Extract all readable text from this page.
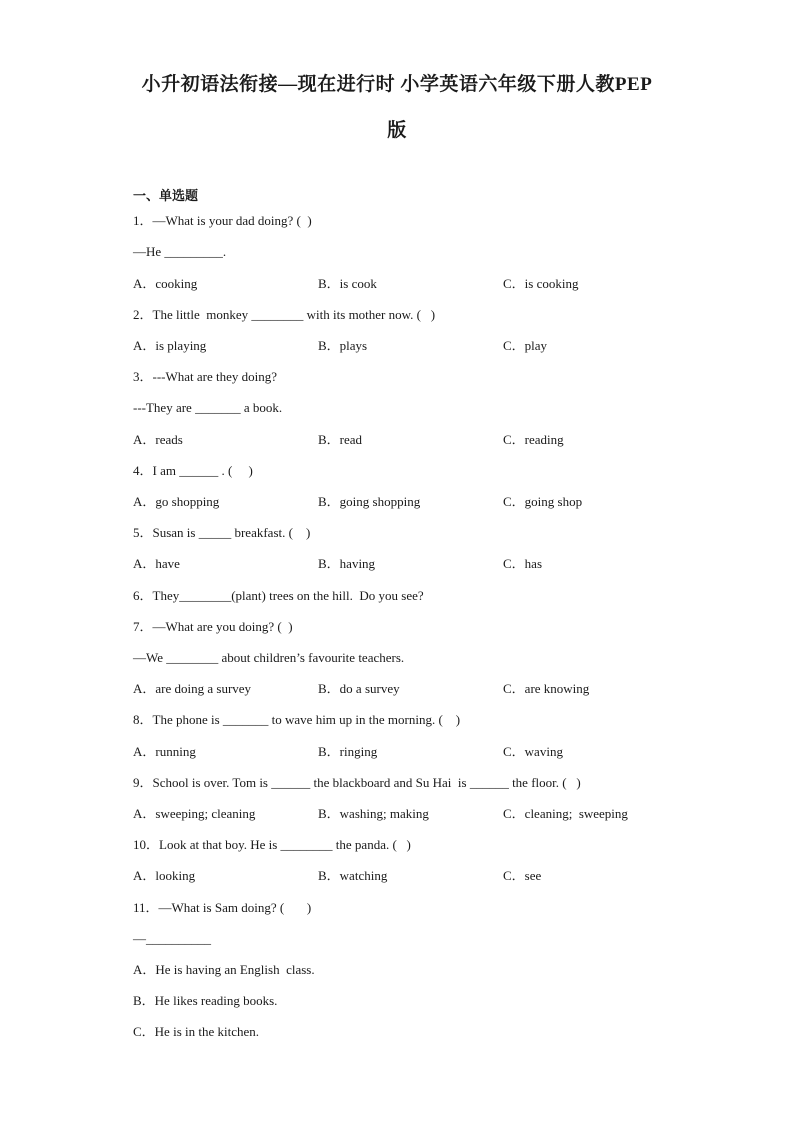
小升初语法衔接—现在进行时 小学英语六年级下册人教PEP
版
一、单选题
1．—What is your dad doing? (  )
—He _________.
A．cooking	B．is cook	C．is cooking
2．The little  monkey ________ with its mother now. (   )
A．is playing	B．plays	C．play
3．---What are they doing?
---They are _______ a book.
A．reads	B．read	C．reading
4．I am ______ . (     )
A．go shopping	B．going shopping	C．going shop
5．Susan is _____ breakfast. (    )
A．have	B．having	C．has
6．They________(plant) trees on the hill.  Do you see?
7．—What are you doing? (  )
—We ________ about children’s favourite teachers.
A．are doing a survey	B．do a survey	C．are knowing
8．The phone is _______ to wave him up in the morning. (    )
A．running	B．ringing	C．waving
9．School is over. Tom is ______ the blackboard and Su Hai  is ______ the floor. (   )
A．sweeping; cleaning	B．washing; making	C．cleaning;  sweeping
10．Look at that boy. He is ________ the panda. (   )
A．looking	B．watching	C．see
11．—What is Sam doing? (       )
—__________
A．He is having an English  class.
B．He likes reading books.
C．He is in the kitchen.
